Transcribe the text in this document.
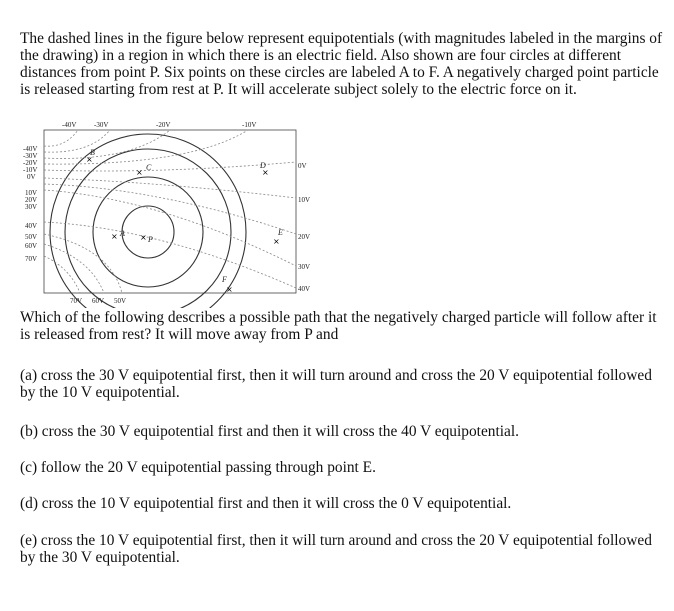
The dashed lines in the figure below represent equipotentials (with magnitudes labeled in the margins of the drawing) in a region in which there is an electric field. Also shown are four circles at different distances from point P. Six points on these circles are labeled A to F. A negatively charged point particle is released starting from rest at P. It will accelerate subject solely to the electric force on it.

-40V	-30V	-20V	-10V
-40V
-30V
-20V
-10V
0V
10V
20V
30V
40V
50V
60V
70V
0V
10V
20V
30V
40V
70V 60V 50V
×
×
×	×
×
×
×
A
B
C	D
E
F
P

Which of the following describes a possible path that the negatively charged particle will follow after it is released from rest? It will move away from P and

(a) cross the 30 V equipotential first, then it will turn around and cross the 20 V equipotential followed by the 10 V equipotential.

(b) cross the 30 V equipotential first and then it will cross the 40 V equipotential.

(c) follow the 20 V equipotential passing through point E.

(d) cross the 10 V equipotential first and then it will cross the 0 V equipotential.

(e) cross the 10 V equipotential first, then it will turn around and cross the 20 V equipotential followed by the 30 V equipotential.
